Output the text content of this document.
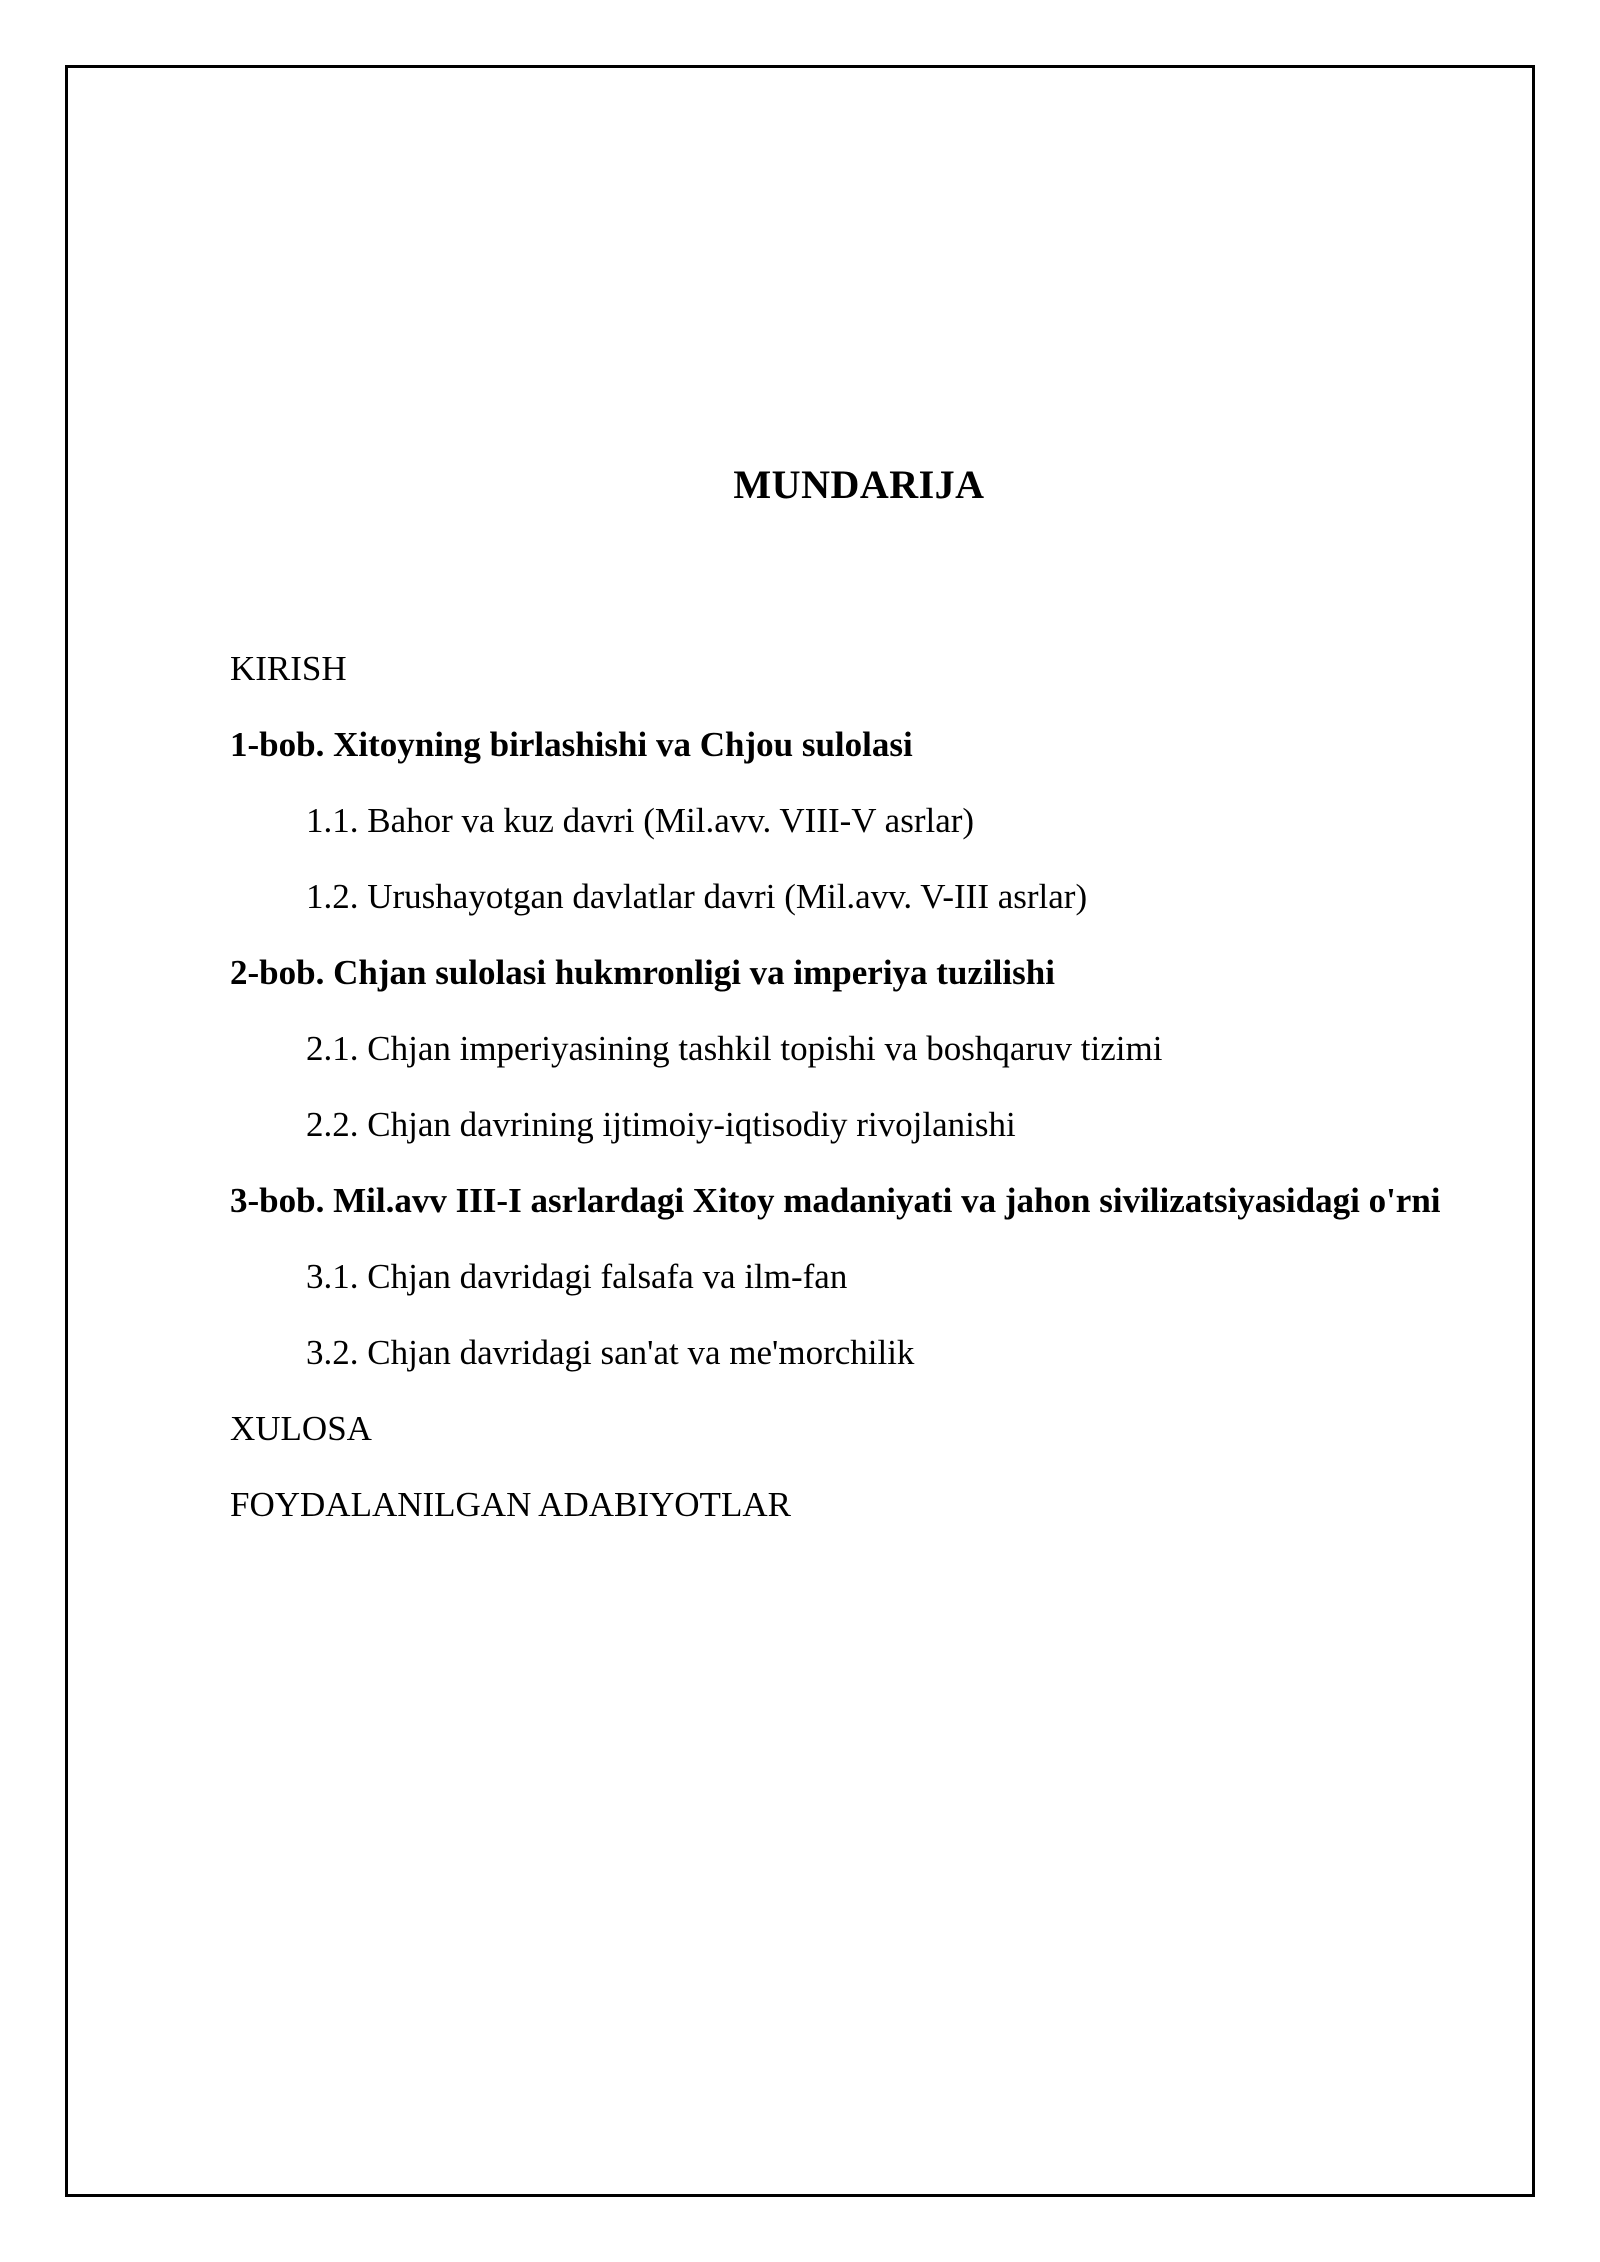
MUNDARIJA
KIRISH
1-bob. Xitoyning birlashishi va Chjou sulolasi
1.1. Bahor va kuz davri (Mil.avv. VIII-V asrlar)
1.2. Urushayotgan davlatlar davri (Mil.avv. V-III asrlar)
2-bob. Chjan sulolasi hukmronligi va imperiya tuzilishi
2.1. Chjan imperiyasining tashkil topishi va boshqaruv tizimi
2.2. Chjan davrining ijtimoiy-iqtisodiy rivojlanishi
3-bob. Mil.avv III-I asrlardagi Xitoy madaniyati va jahon sivilizatsiyasidagi o'rni
3.1. Chjan davridagi falsafa va ilm-fan
3.2. Chjan davridagi san'at va me'morchilik
XULOSA
FOYDALANILGAN ADABIYOTLAR
